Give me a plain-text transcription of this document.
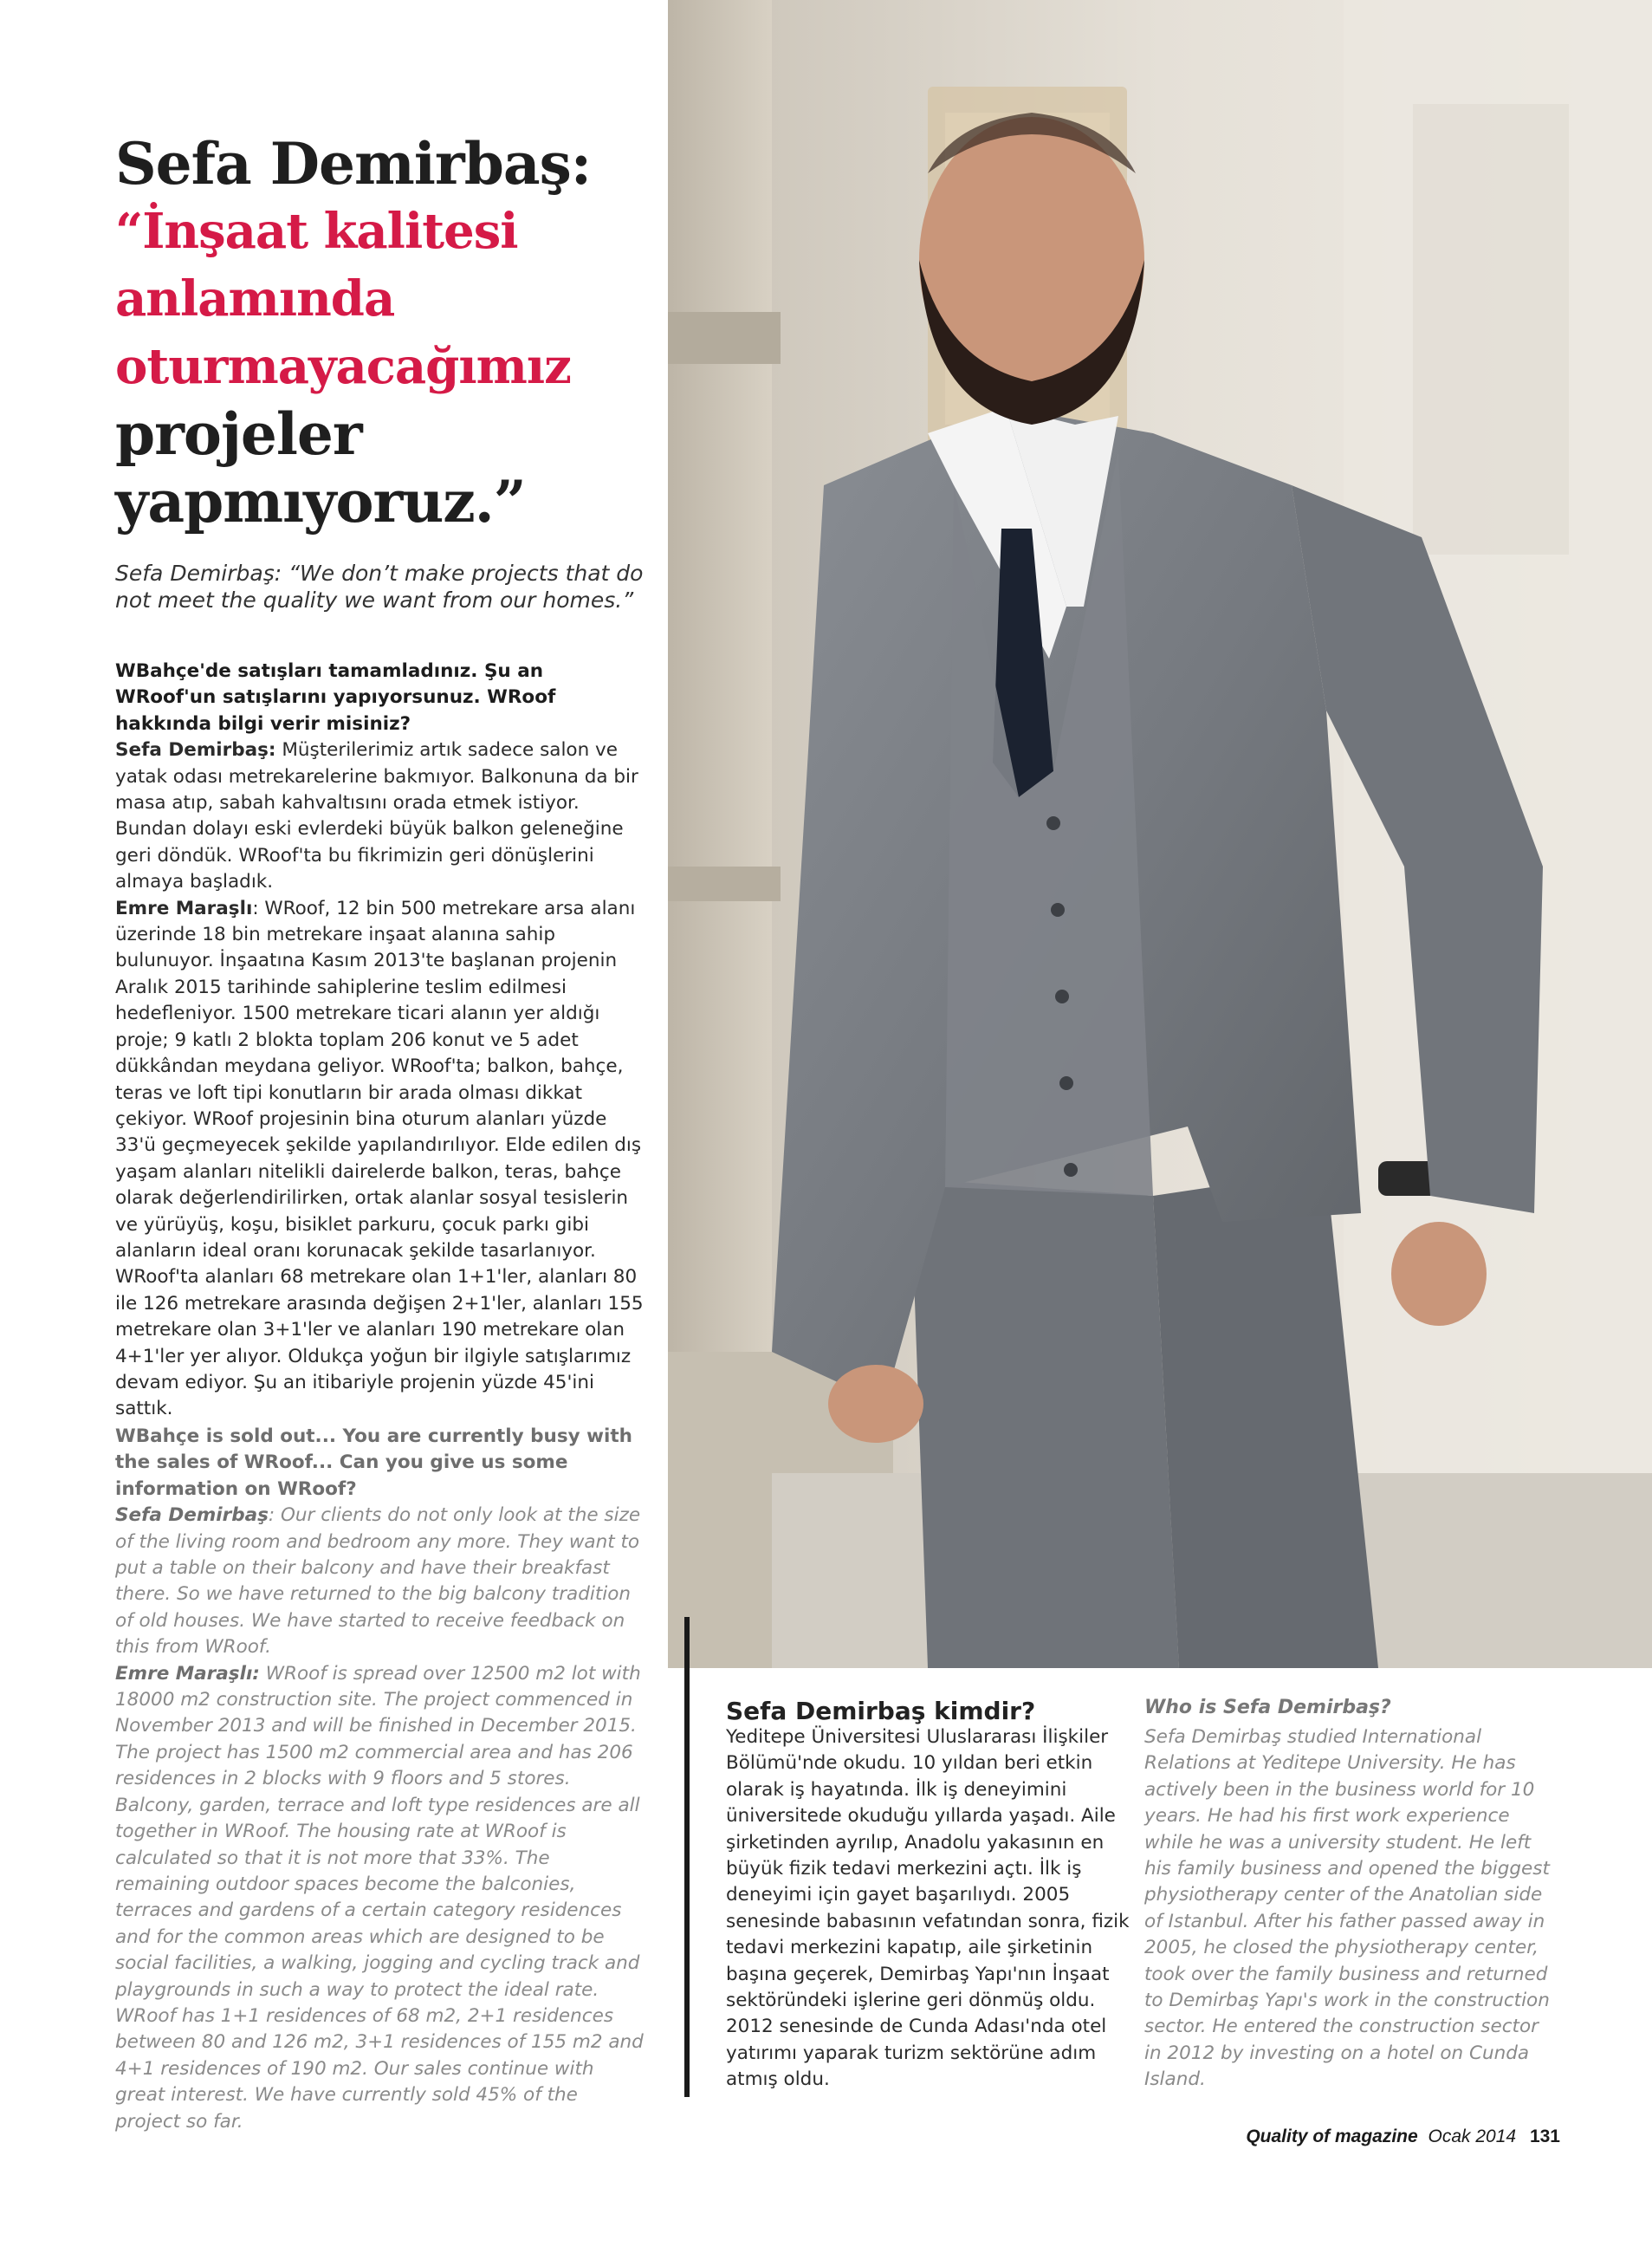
Sefa Demirbaş:
“İnşaat kalitesi
anlamında
oturmayacağımız
projeler
yapmıyoruz.”
Sefa Demirbaş: “We don’t make projects that do not meet the quality we want from our homes.”
WBahçe'de satışları tamamladınız. Şu an WRoof'un satışlarını yapıyorsunuz. WRoof hakkında bilgi verir misiniz?
Sefa Demirbaş: Müşterilerimiz artık sadece salon ve yatak odası metrekarelerine bakmıyor. Balkonuna da bir masa atıp, sabah kahvaltısını orada etmek istiyor. Bundan dolayı eski evlerdeki büyük balkon geleneğine geri döndük. WRoof'ta bu fikrimizin geri dönüşlerini almaya başladık.
Emre Maraşlı: WRoof, 12 bin 500 metrekare arsa alanı üzerinde 18 bin metrekare inşaat alanına sahip bulunuyor. İnşaatına Kasım 2013'te başlanan projenin Aralık 2015 tarihinde sahiplerine teslim edilmesi hedefleniyor. 1500 metrekare ticari alanın yer aldığı proje; 9 katlı 2 blokta toplam 206 konut ve 5 adet dükkândan meydana geliyor. WRoof'ta; balkon, bahçe, teras ve loft tipi konutların bir arada olması dikkat çekiyor. WRoof projesinin bina oturum alanları yüzde 33'ü geçmeyecek şekilde yapılandırılıyor. Elde edilen dış yaşam alanları nitelikli dairelerde balkon, teras, bahçe olarak değerlendirilirken, ortak alanlar sosyal tesislerin ve yürüyüş, koşu, bisiklet parkuru, çocuk parkı gibi alanların ideal oranı korunacak şekilde tasarlanıyor. WRoof'ta alanları 68 metrekare olan 1+1'ler, alanları 80 ile 126 metrekare arasında değişen 2+1'ler, alanları 155 metrekare olan 3+1'ler ve alanları 190 metrekare olan 4+1'ler yer alıyor. Oldukça yoğun bir ilgiyle satışlarımız devam ediyor. Şu an itibariyle projenin yüzde 45'ini sattık.
WBahçe is sold out... You are currently busy with the sales of WRoof... Can you give us some information on WRoof?
Sefa Demirbaş: Our clients do not only look at the size of the living room and bedroom any more. They want to put a table on their balcony and have their breakfast there. So we have returned to the big balcony tradition of old houses. We have started to receive feedback on this from WRoof.
Emre Maraşlı: WRoof is spread over 12500 m2 lot with 18000 m2 construction site. The project commenced in November 2013 and will be finished in December 2015. The project has 1500 m2 commercial area and has 206 residences in 2 blocks with 9 floors and 5 stores. Balcony, garden, terrace and loft type residences are all together in WRoof. The housing rate at WRoof is calculated so that it is not more that 33%. The remaining outdoor spaces become the balconies, terraces and gardens of a certain category residences and for the common areas which are designed to be social facilities, a walking, jogging and cycling track and playgrounds in such a way to protect the ideal rate. WRoof has 1+1 residences of 68 m2, 2+1 residences between 80 and 126 m2, 3+1 residences of 155 m2 and 4+1 residences of 190 m2. Our sales continue with great interest. We have currently sold 45% of the project so far.
Sefa Demirbaş kimdir?
Yeditepe Üniversitesi Uluslararası İlişkiler Bölümü'nde okudu. 10 yıldan beri etkin olarak iş hayatında. İlk iş deneyimini üniversitede okuduğu yıllarda yaşadı. Aile şirketinden ayrılıp, Anadolu yakasının en büyük fizik tedavi merkezini açtı. İlk iş deneyimi için gayet başarılıydı. 2005 senesinde babasının vefatından sonra, fizik tedavi merkezini kapatıp, aile şirketinin başına geçerek, Demirbaş Yapı'nın İnşaat sektöründeki işlerine geri dönmüş oldu. 2012 senesinde de Cunda Adası'nda otel yatırımı yaparak turizm sektörüne adım atmış oldu.
Who is Sefa Demirbaş?
Sefa Demirbaş studied International Relations at Yeditepe University. He has actively been in the business world for 10 years. He had his first work experience while he was a university student. He left his family business and opened the biggest physiotherapy center of the Anatolian side of Istanbul. After his father passed away in 2005, he closed the physiotherapy center, took over the family business and returned to Demirbaş Yapı's work in the construction sector. He entered the construction sector in 2012 by investing on a hotel on Cunda Island.
Quality of magazine Ocak 2014 131
